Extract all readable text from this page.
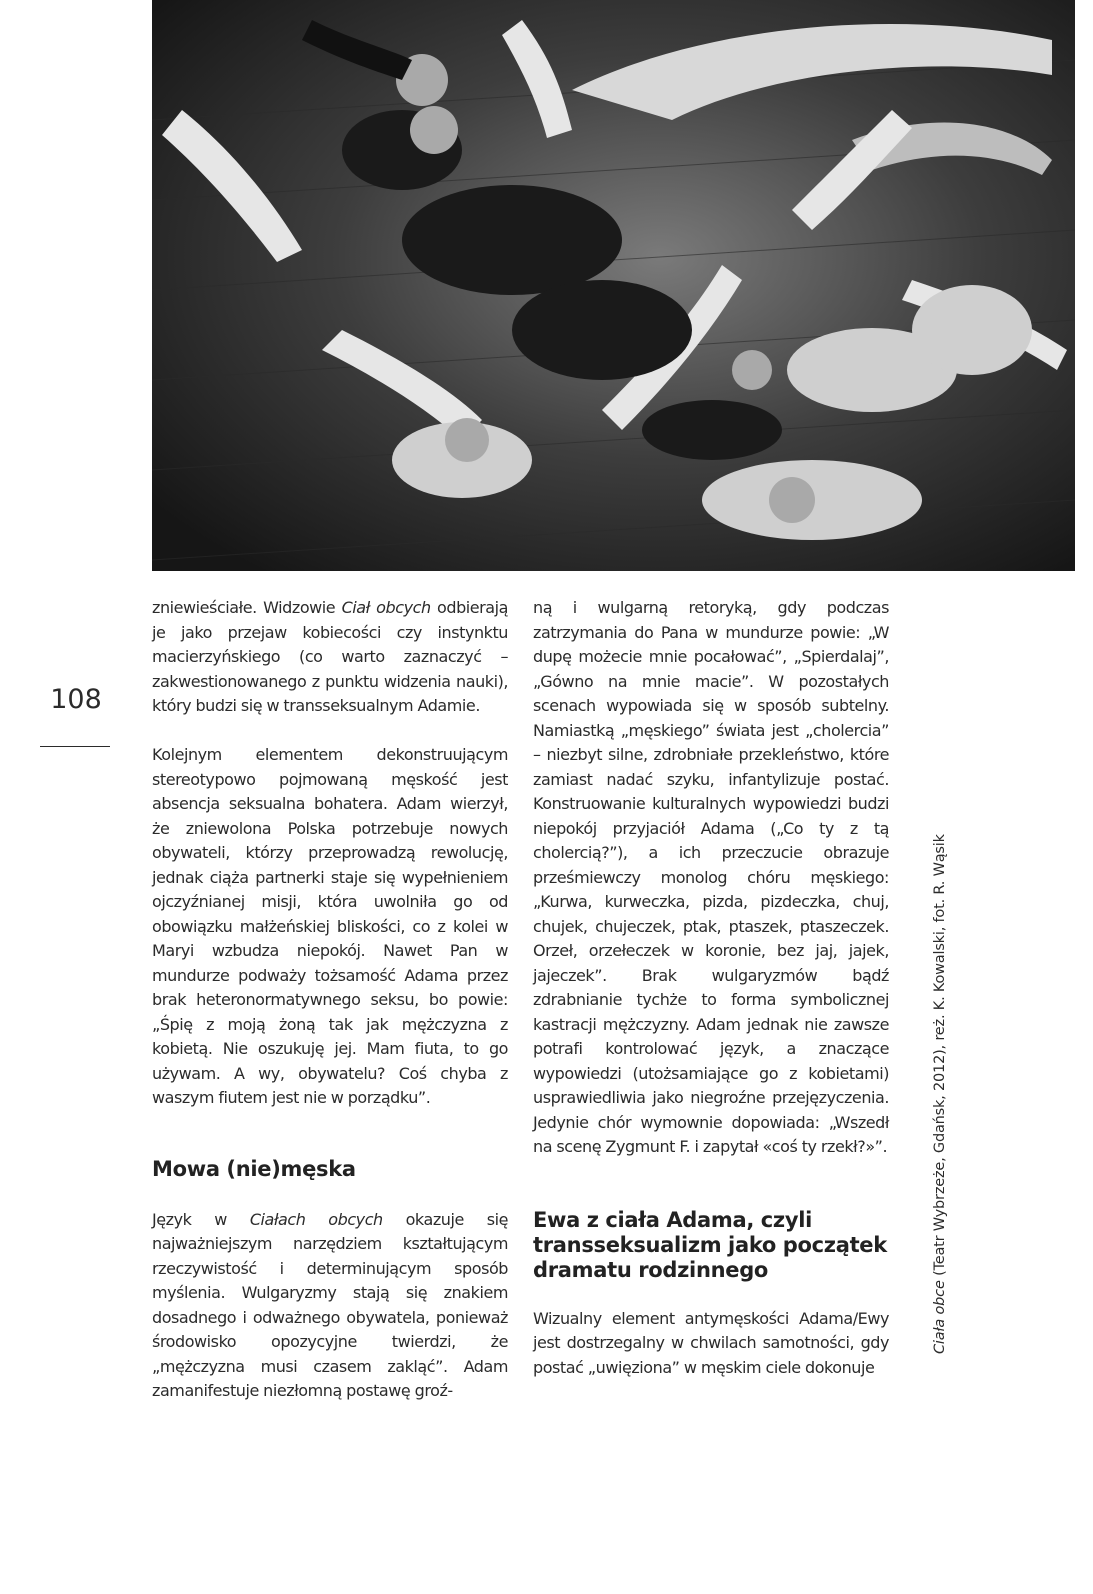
108

zniewieściałe. Widzowie Ciał obcych odbierają je jako przejaw kobiecości czy instynktu macierzyńskiego (co warto zaznaczyć – zakwestionowanego z punktu widzenia nauki), który budzi się w transseksualnym Adamie.

Kolejnym elementem dekonstruującym stereotypowo pojmowaną męskość jest absencja seksualna bohatera. Adam wierzył, że zniewolona Polska potrzebuje nowych obywateli, którzy przeprowadzą rewolucję, jednak ciąża partnerki staje się wypełnieniem ojczyźnianej misji, która uwolniła go od obowiązku małżeńskiej bliskości, co z kolei w Maryi wzbudza niepokój. Nawet Pan w mundurze podważy tożsamość Adama przez brak heteronormatywnego seksu, bo powie: „Śpię z moją żoną tak jak mężczyzna z kobietą. Nie oszukuję jej. Mam fiuta, to go używam. A wy, obywatelu? Coś chyba z waszym fiutem jest nie w porządku”.

Mowa (nie)męska

Język w Ciałach obcych okazuje się najważniejszym narzędziem kształtującym rzeczywistość i determinującym sposób myślenia. Wulgaryzmy stają się znakiem dosadnego i odważnego obywatela, ponieważ środowisko opozycyjne twierdzi, że „mężczyzna musi czasem zakląć”. Adam zamanifestuje niezłomną postawę groź-

ną i wulgarną retoryką, gdy podczas zatrzymania do Pana w mundurze powie: „W dupę możecie mnie pocałować”, „Spierdalaj”, „Gówno na mnie macie”. W pozostałych scenach wypowiada się w sposób subtelny. Namiastką „męskiego” świata jest „cholercia” – niezbyt silne, zdrobniałe przekleństwo, które zamiast nadać szyku, infantylizuje postać. Konstruowanie kulturalnych wypowiedzi budzi niepokój przyjaciół Adama („Co ty z tą cholercią?”), a ich przeczucie obrazuje prześmiewczy monolog chóru męskiego: „Kurwa, kurweczka, pizda, pizdeczka, chuj, chujek, chujeczek, ptak, ptaszek, ptaszeczek. Orzeł, orzełeczek w koronie, bez jaj, jajek, jajeczek”. Brak wulgaryzmów bądź zdrabnianie tychże to forma symbolicznej kastracji mężczyzny. Adam jednak nie zawsze potrafi kontrolować język, a znaczące wypowiedzi (utożsamiające go z kobietami) usprawiedliwia jako niegroźne przejęzyczenia. Jedynie chór wymownie dopowiada: „Wszedł na scenę Zygmunt F. i zapytał «coś ty rzekł?»”.

Ewa z ciała Adama, czyli transseksualizm jako początek dramatu rodzinnego

Wizualny element antymęskości Adama/Ewy jest dostrzegalny w chwilach samotności, gdy postać „uwięziona” w męskim ciele dokonuje

Ciała obce (Teatr Wybrzeże, Gdańsk, 2012), reż. K. Kowalski, fot. R. Wąsik
